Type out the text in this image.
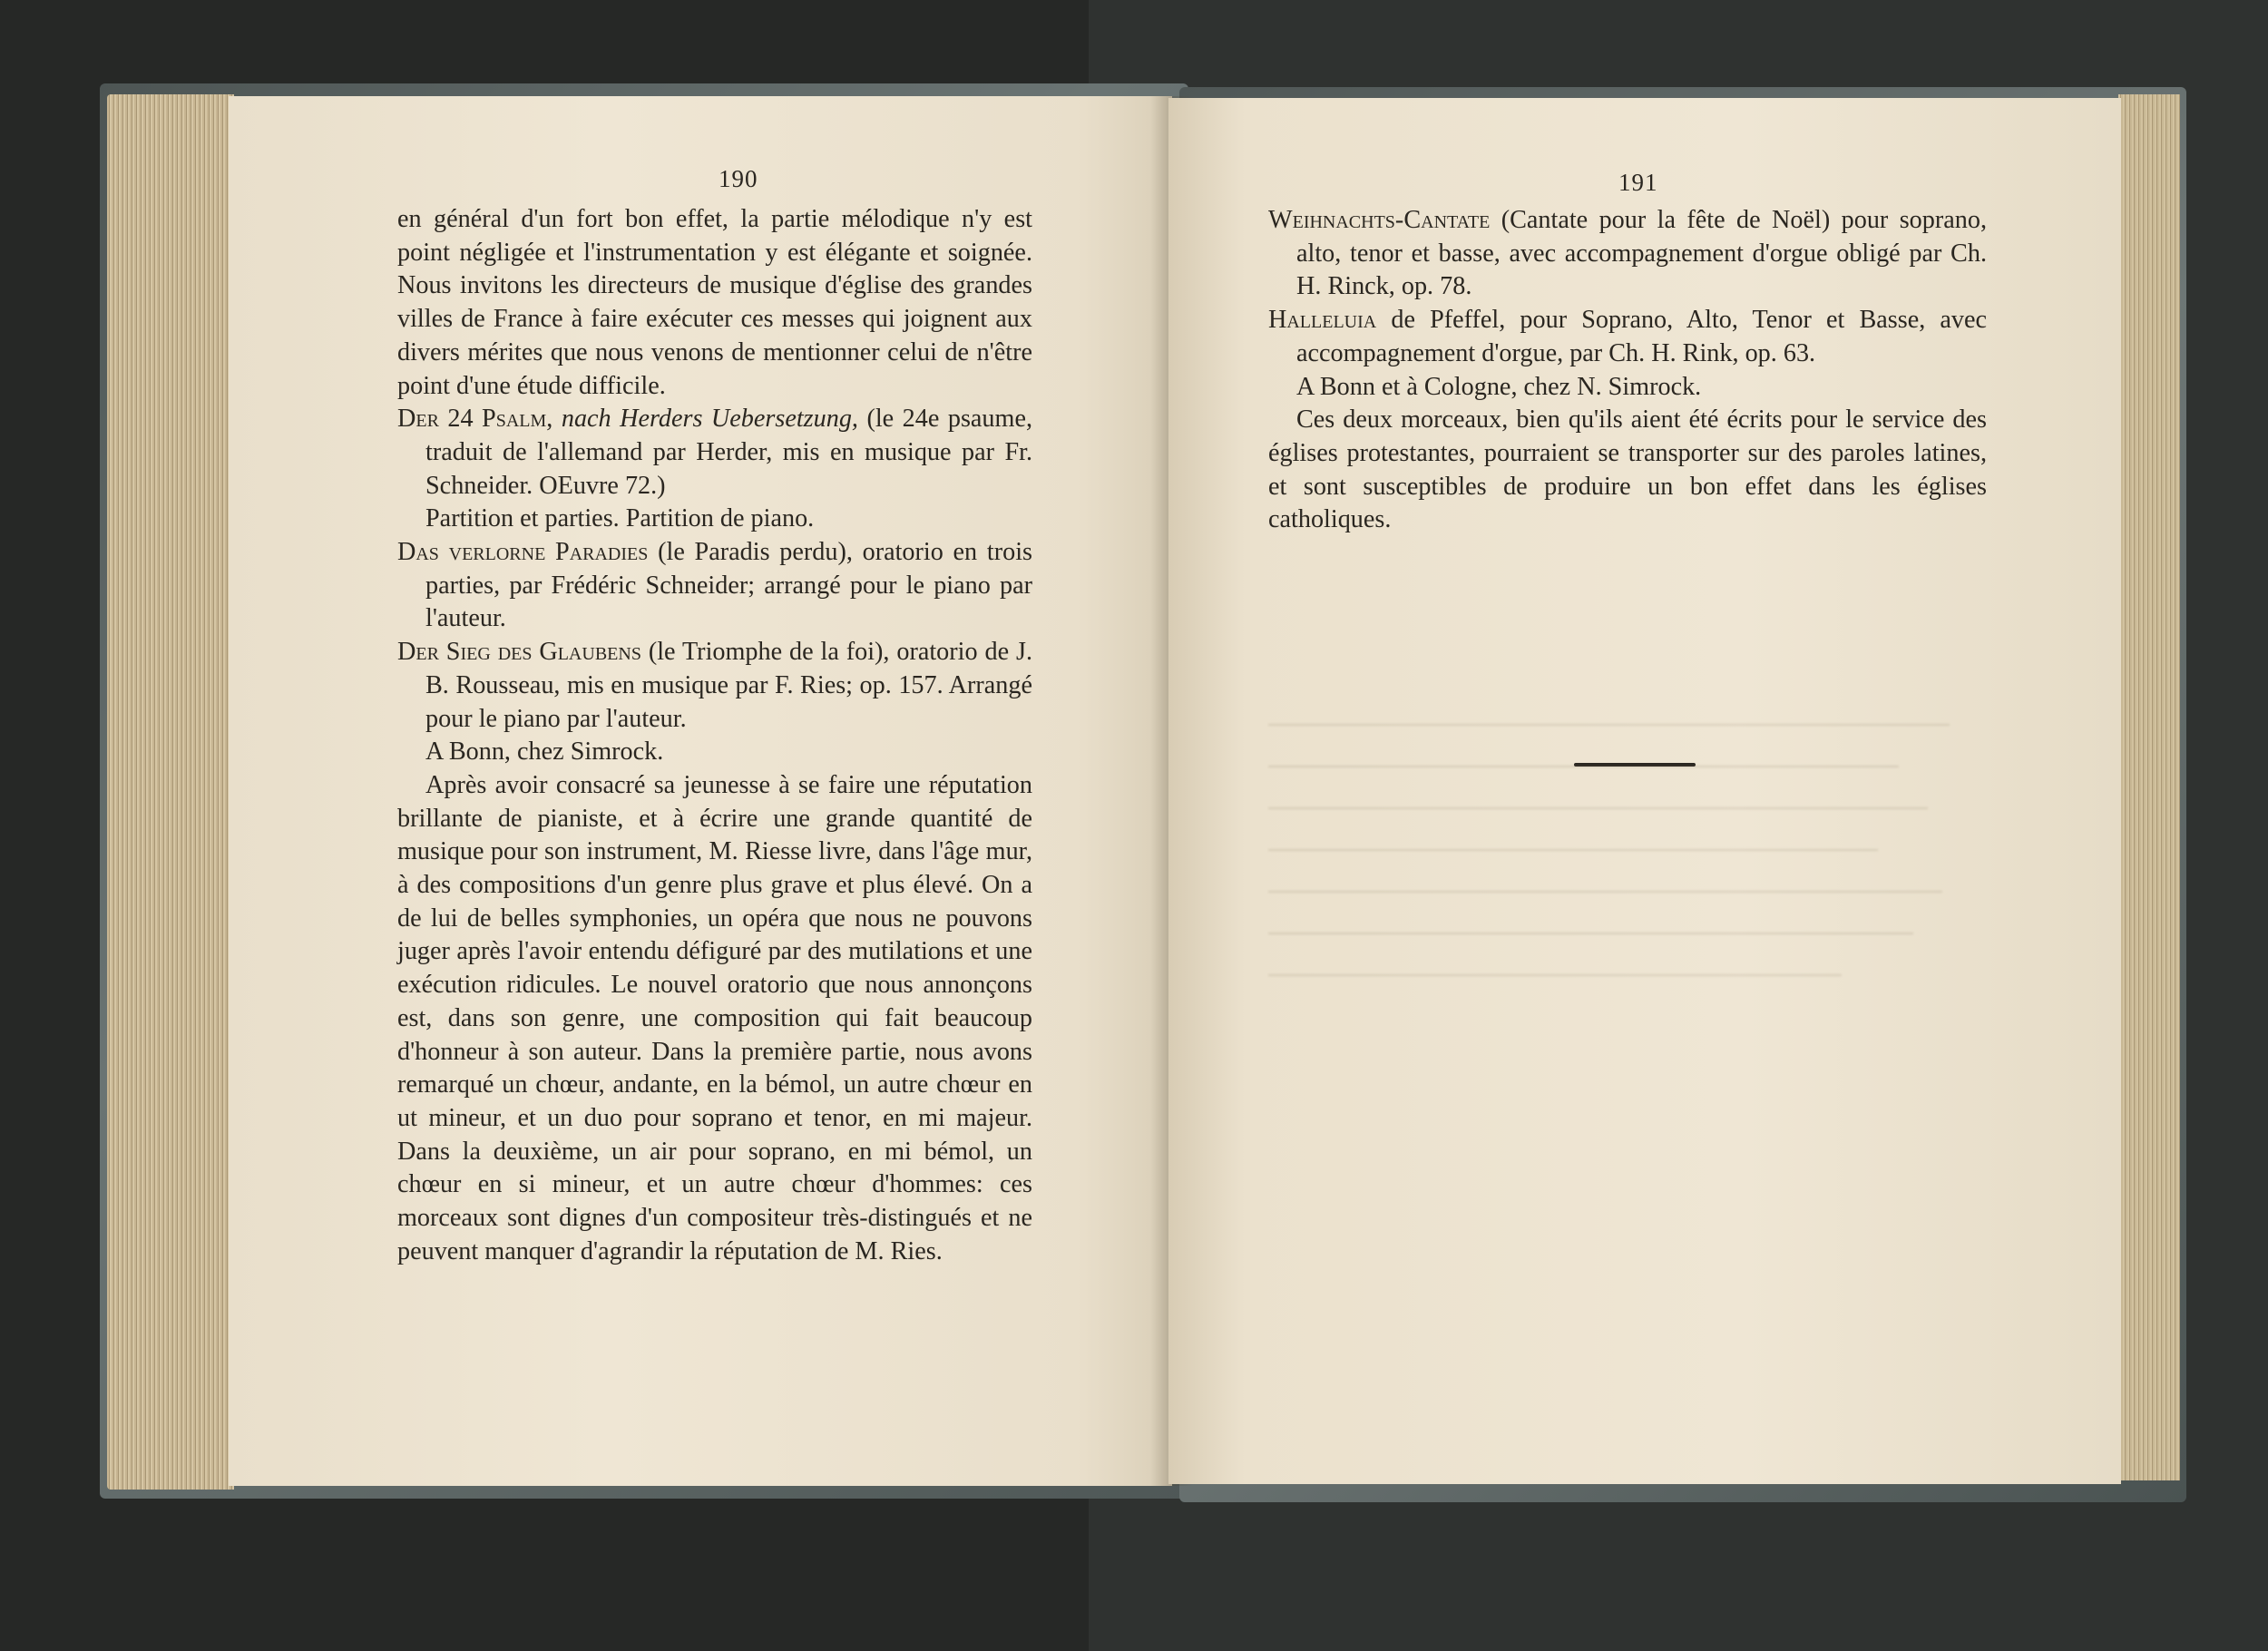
190

en général d'un fort bon effet, la partie mélodique n'y est point négligée et l'instrumentation y est élégante et soignée. Nous invitons les directeurs de musique d'église des grandes villes de France à faire exécuter ces messes qui joignent aux divers mérites que nous venons de mentionner celui de n'être point d'une étude difficile.

Der 24 Psalm, nach Herders Uebersetzung, (le 24e psaume, traduit de l'allemand par Herder, mis en musique par Fr. Schneider. OEuvre 72.)

Partition et parties. Partition de piano.

Das verlorne Paradies (le Paradis perdu), oratorio en trois parties, par Frédéric Schneider; arrangé pour le piano par l'auteur.

Der Sieg des Glaubens (le Triomphe de la foi), oratorio de J. B. Rousseau, mis en musique par F. Ries; op. 157. Arrangé pour le piano par l'auteur.

A Bonn, chez Simrock.

Après avoir consacré sa jeunesse à se faire une réputation brillante de pianiste, et à écrire une grande quantité de musique pour son instrument, M. Riesse livre, dans l'âge mur, à des compositions d'un genre plus grave et plus élevé. On a de lui de belles symphonies, un opéra que nous ne pouvons juger après l'avoir entendu défiguré par des mutilations et une exécution ridicules. Le nouvel oratorio que nous annonçons est, dans son genre, une composition qui fait beaucoup d'honneur à son auteur. Dans la première partie, nous avons remarqué un chœur, andante, en la bémol, un autre chœur en ut mineur, et un duo pour soprano et tenor, en mi majeur. Dans la deuxième, un air pour soprano, en mi bémol, un chœur en si mineur, et un autre chœur d'hommes: ces morceaux sont dignes d'un compositeur très-distingués et ne peuvent manquer d'agrandir la réputation de M. Ries.

191

Weihnachts-Cantate (Cantate pour la fête de Noël) pour soprano, alto, tenor et basse, avec accompagnement d'orgue obligé par Ch. H. Rinck, op. 78.

Halleluia de Pfeffel, pour Soprano, Alto, Tenor et Basse, avec accompagnement d'orgue, par Ch. H. Rink, op. 63.

A Bonn et à Cologne, chez N. Simrock.

Ces deux morceaux, bien qu'ils aient été écrits pour le service des églises protestantes, pourraient se transporter sur des paroles latines, et sont susceptibles de produire un bon effet dans les églises catholiques.
